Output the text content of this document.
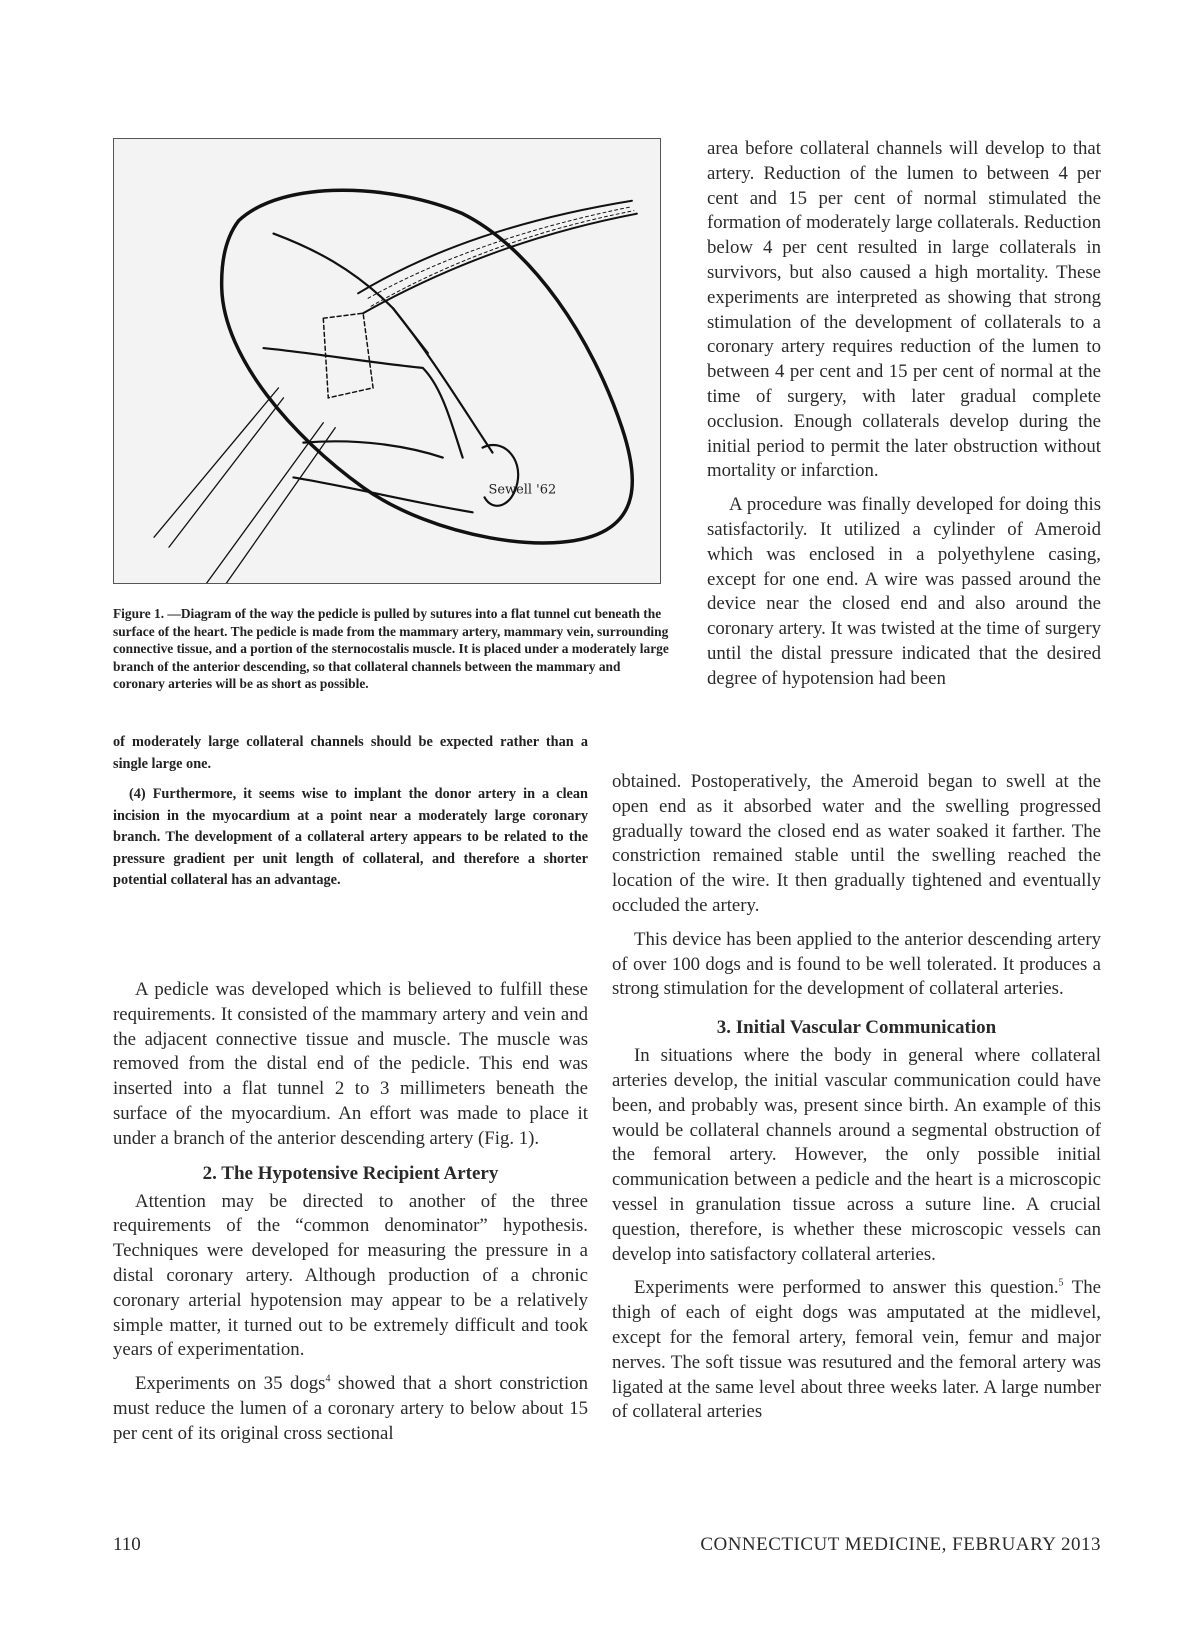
Sewell '62
Figure 1. —Diagram of the way the pedicle is pulled by sutures into a flat tunnel cut beneath the surface of the heart. The pedicle is made from the mammary artery, mammary vein, surrounding connective tissue, and a portion of the sternocostalis muscle. It is placed under a moderately large branch of the anterior descending, so that collateral channels between the mammary and coronary arteries will be as short as possible.
of moderately large collateral channels should be expected rather than a single large one.
(4) Furthermore, it seems wise to implant the donor artery in a clean incision in the myocardium at a point near a moderately large coronary branch. The development of a collateral artery appears to be related to the pressure gradient per unit length of collateral, and therefore a shorter potential collateral has an advantage.

A pedicle was developed which is believed to fulfill these requirements. It consisted of the mammary artery and vein and the adjacent connective tissue and muscle. The muscle was removed from the distal end of the pedicle. This end was inserted into a flat tunnel 2 to 3 millimeters beneath the surface of the myocardium. An effort was made to place it under a branch of the anterior descending artery (Fig. 1).

2. The Hypotensive Recipient Artery

Attention may be directed to another of the three requirements of the “common denominator” hypothesis. Techniques were developed for measuring the pressure in a distal coronary artery. Although production of a chronic coronary arterial hypotension may appear to be a relatively simple matter, it turned out to be extremely difficult and took years of experimentation.

Experiments on 35 dogs$^4$ showed that a short constriction must reduce the lumen of a coronary artery to below about 15 per cent of its original cross sectional

area before collateral channels will develop to that artery. Reduction of the lumen to between 4 per cent and 15 per cent of normal stimulated the formation of moderately large collaterals. Reduction below 4 per cent resulted in large collaterals in survivors, but also caused a high mortality. These experiments are interpreted as showing that strong stimulation of the development of collaterals to a coronary artery requires reduction of the lumen to between 4 per cent and 15 per cent of normal at the time of surgery, with later gradual complete occlusion. Enough collaterals develop during the initial period to permit the later obstruction without mortality or infarction.

A procedure was finally developed for doing this satisfactorily. It utilized a cylinder of Ameroid which was enclosed in a polyethylene casing, except for one end. A wire was passed around the device near the closed end and also around the coronary artery. It was twisted at the time of surgery until the distal pressure indicated that the desired degree of hypotension had been

obtained. Postoperatively, the Ameroid began to swell at the open end as it absorbed water and the swelling progressed gradually toward the closed end as water soaked it farther. The constriction remained stable until the swelling reached the location of the wire. It then gradually tightened and eventually occluded the artery.

This device has been applied to the anterior descending artery of over 100 dogs and is found to be well tolerated. It produces a strong stimulation for the development of collateral arteries.

3. Initial Vascular Communication

In situations where the body in general where collateral arteries develop, the initial vascular communication could have been, and probably was, present since birth. An example of this would be collateral channels around a segmental obstruction of the femoral artery. However, the only possible initial communication between a pedicle and the heart is a microscopic vessel in granulation tissue across a suture line. A crucial question, therefore, is whether these microscopic vessels can develop into satisfactory collateral arteries.

Experiments were performed to answer this question.$^5$ The thigh of each of eight dogs was amputated at the midlevel, except for the femoral artery, femoral vein, femur and major nerves. The soft tissue was resutured and the femoral artery was ligated at the same level about three weeks later. A large number of collateral arteries

110	CONNECTICUT MEDICINE, FEBRUARY 2013
